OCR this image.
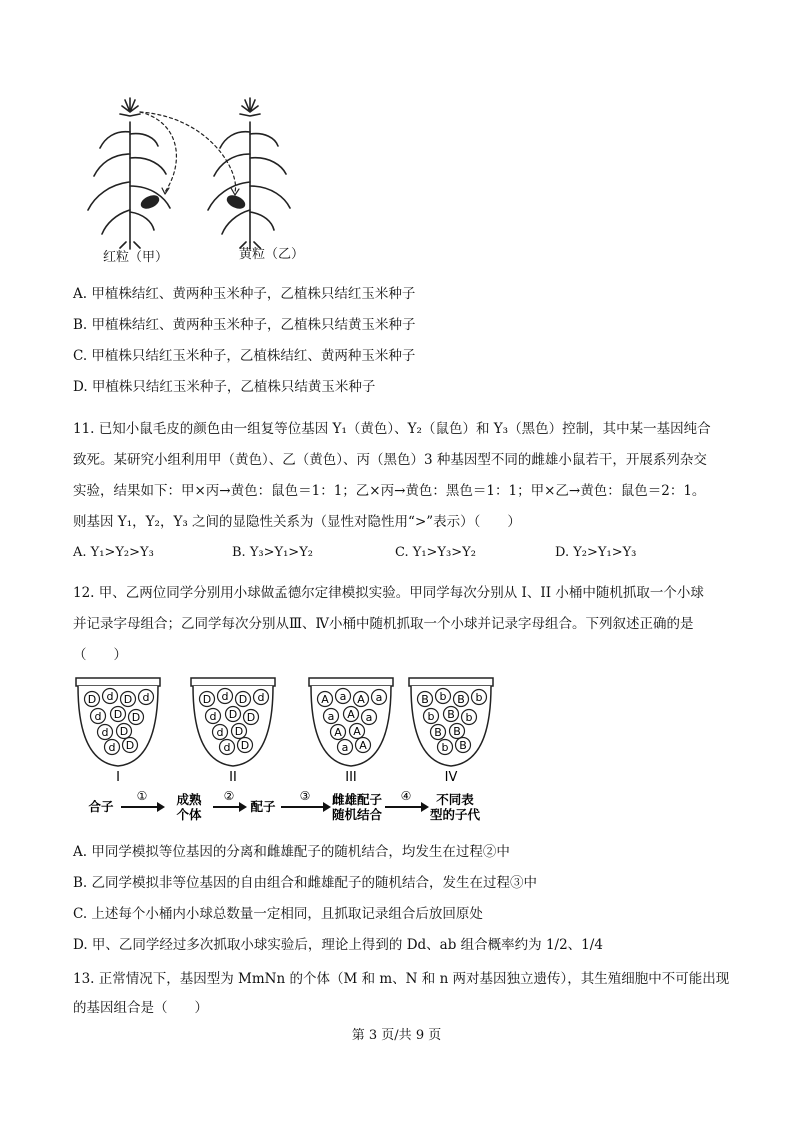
红粒（甲）	黄粒（乙）
A. 甲植株结红、黄两种玉米种子，乙植株只结红玉米种子
B. 甲植株结红、黄两种玉米种子，乙植株只结黄玉米种子
C. 甲植株只结红玉米种子，乙植株结红、黄两种玉米种子
D. 甲植株只结红玉米种子，乙植株只结黄玉米种子
11. 已知小鼠毛皮的颜色由一组复等位基因 Y₁（黄色）、Y₂（鼠色）和 Y₃（黑色）控制，其中某一基因纯合
致死。某研究小组利用甲（黄色）、乙（黄色）、丙（黑色）3 种基因型不同的雌雄小鼠若干，开展系列杂交
实验，结果如下：甲×丙→黄色：鼠色＝1：1；乙×丙→黄色：黑色＝1：1；甲×乙→黄色：鼠色＝2：1。
则基因 Y₁，Y₂，Y₃ 之间的显隐性关系为（显性对隐性用“>”表示）（　　）
A. Y₁>Y₂>Y₃	B. Y₃>Y₁>Y₂	C. Y₁>Y₃>Y₂	D. Y₂>Y₁>Y₃
12. 甲、乙两位同学分别用小球做孟德尔定律模拟实验。甲同学每次分别从 I、II 小桶中随机抓取一个小球
并记录字母组合；乙同学每次分别从Ⅲ、Ⅳ小桶中随机抓取一个小球并记录字母组合。下列叙述正确的是
（　　）
D d D d
d D D
d D
d D
I
D d D d
d D D
d D
d D
II
A a A a
a A a
A A
a A
III
B b B b
b B b
B B
b B
IV
合子	成熟个体
配子	雌雄配子随机结合
不同表型的子代
①	②	③	④
A. 甲同学模拟等位基因的分离和雌雄配子的随机结合，均发生在过程②中
B. 乙同学模拟非等位基因的自由组合和雌雄配子的随机结合，发生在过程③中
C. 上述每个小桶内小球总数量一定相同，且抓取记录组合后放回原处
D. 甲、乙同学经过多次抓取小球实验后，理论上得到的 Dd、ab 组合概率约为 1/2、1/4
13. 正常情况下，基因型为 MmNn 的个体（M 和 m、N 和 n 两对基因独立遗传），其生殖细胞中不可能出现
的基因组合是（　　）
第 3 页/共 9 页
